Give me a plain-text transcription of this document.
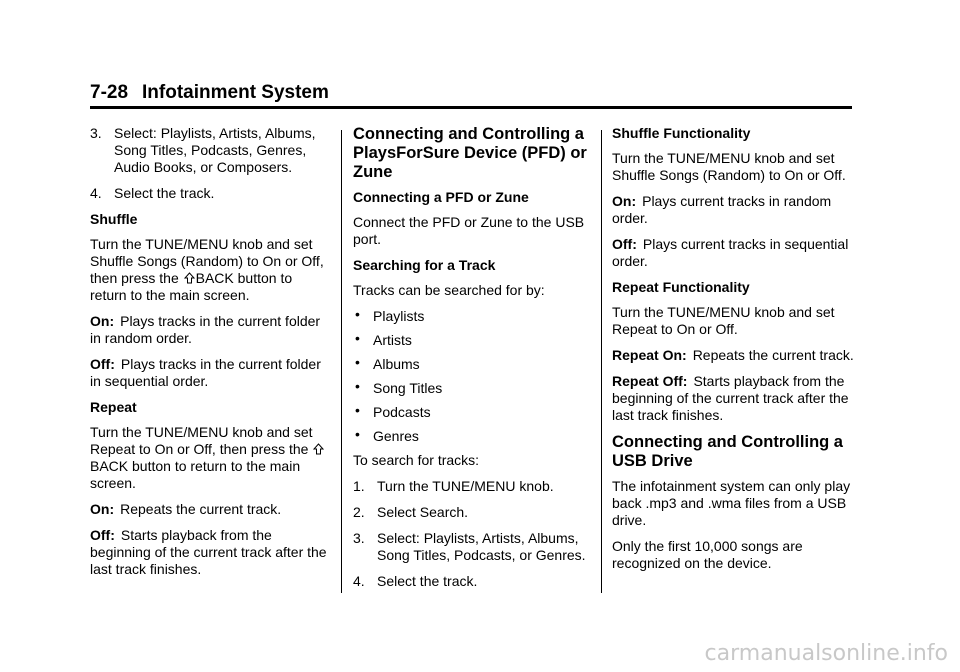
7-28 Infotainment System

3. Select: Playlists, Artists, Albums, Song Titles, Podcasts, Genres, Audio Books, or Composers.

4. Select the track.

Shuffle

Turn the TUNE/MENU knob and set Shuffle Songs (Random) to On or Off, then press the BACK button to return to the main screen.

On: Plays tracks in the current folder in random order.

Off: Plays tracks in the current folder in sequential order.

Repeat

Turn the TUNE/MENU knob and set Repeat to On or Off, then press the BACK button to return to the main screen.

On: Repeats the current track.

Off: Starts playback from the beginning of the current track after the last track finishes.

Connecting and Controlling a PlaysForSure Device (PFD) or Zune

Connecting a PFD or Zune

Connect the PFD or Zune to the USB port.

Searching for a Track

Tracks can be searched for by:

• Playlists

• Artists

• Albums

• Song Titles

• Podcasts

• Genres

To search for tracks:

1. Turn the TUNE/MENU knob.

2. Select Search.

3. Select: Playlists, Artists, Albums, Song Titles, Podcasts, or Genres.

4. Select the track.

Shuffle Functionality

Turn the TUNE/MENU knob and set Shuffle Songs (Random) to On or Off.

On: Plays current tracks in random order.

Off: Plays current tracks in sequential order.

Repeat Functionality

Turn the TUNE/MENU knob and set Repeat to On or Off.

Repeat On: Repeats the current track.

Repeat Off: Starts playback from the beginning of the current track after the last track finishes.

Connecting and Controlling a USB Drive

The infotainment system can only play back .mp3 and .wma files from a USB drive.

Only the first 10,000 songs are recognized on the device.

carmanualsonline.info
